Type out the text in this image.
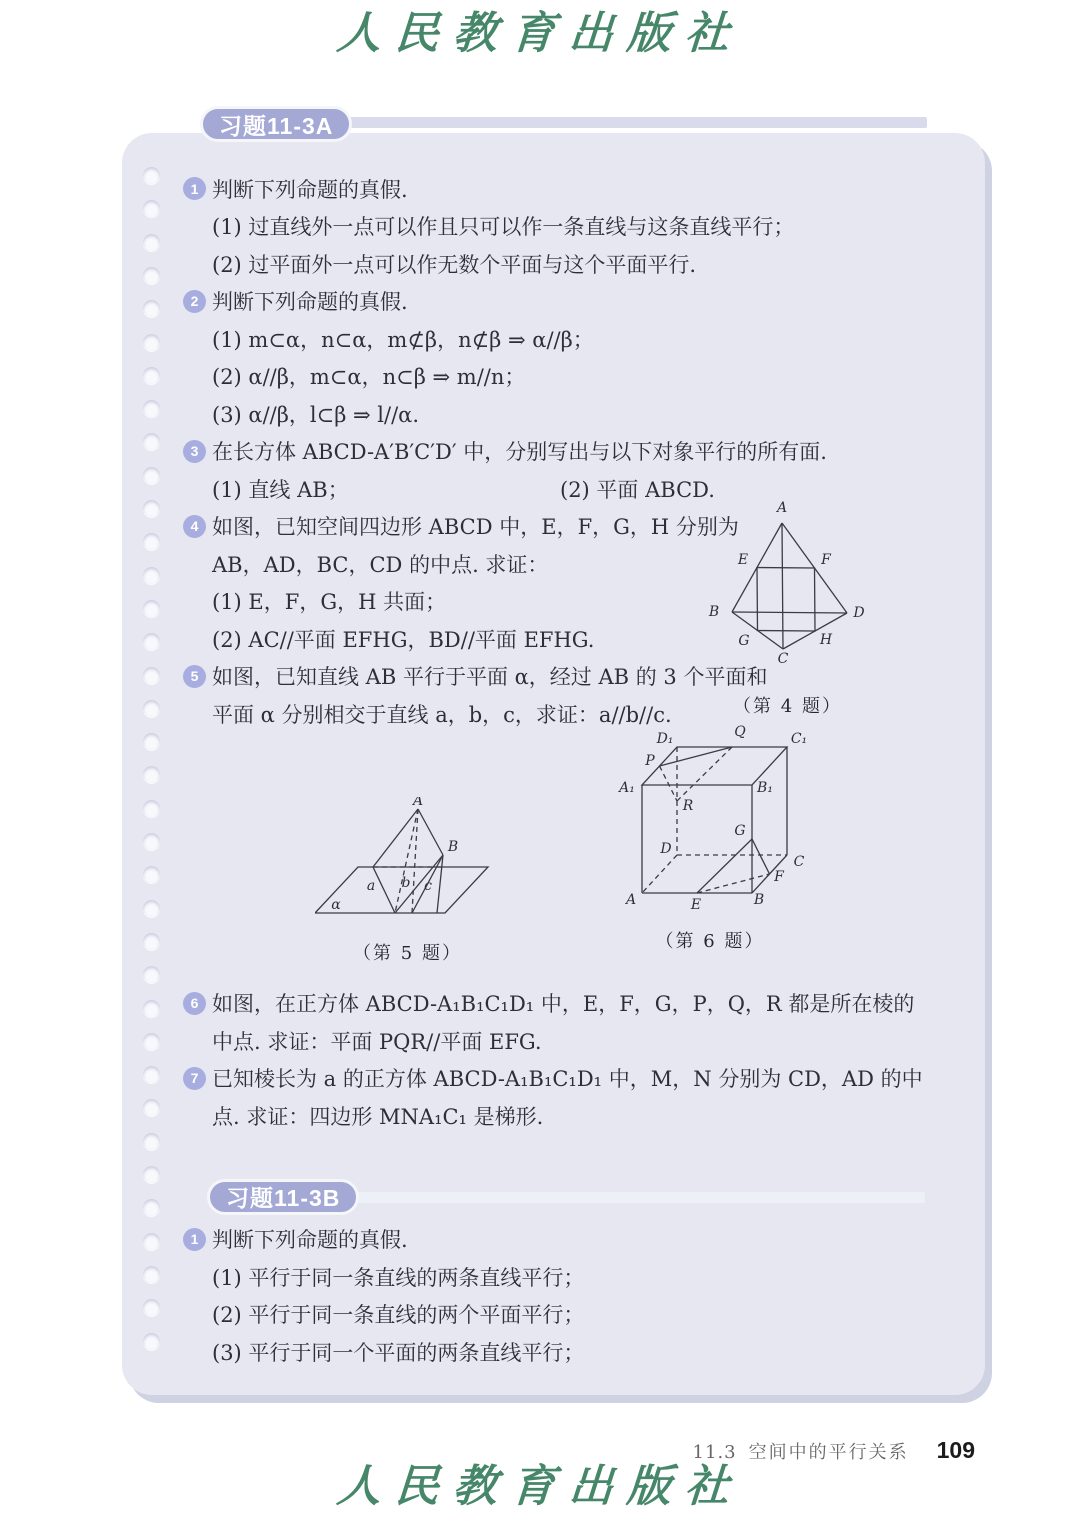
人民教育出版社
习题11-3A
1 判断下列命题的真假.
(1) 过直线外一点可以作且只可以作一条直线与这条直线平行；
(2) 过平面外一点可以作无数个平面与这个平面平行.
2 判断下列命题的真假.
(1) m⊂α，n⊂α，m⊄β，n⊄β ⇒ α//β；
(2) α//β，m⊂α，n⊂β ⇒ m//n；
(3) α//β，l⊂β ⇒ l//α.
3 在长方体 ABCD-A′B′C′D′ 中，分别写出与以下对象平行的所有面.
(1) 直线 AB；	(2) 平面 ABCD.
4 如图，已知空间四边形 ABCD 中，E，F，G，H 分别为
AB，AD，BC，CD 的中点. 求证：
(1) E，F，G，H 共面；
(2) AC//平面 EFHG，BD//平面 EFHG.
5 如图，已知直线 AB 平行于平面 α，经过 AB 的 3 个平面和
平面 α 分别相交于直线 a，b，c，求证：a//b//c.
A
B
a b c
α
（第 5 题）
D₁	Q	C₁
P
A₁	B₁
R
G
D
C
F
A	E	B
（第 6 题）
6 如图，在正方体 ABCD-A₁B₁C₁D₁ 中，E，F，G，P，Q，R 都是所在棱的
中点. 求证：平面 PQR//平面 EFG.
7 已知棱长为 a 的正方体 ABCD-A₁B₁C₁D₁ 中，M，N 分别为 CD，AD 的中
点. 求证：四边形 MNA₁C₁ 是梯形.
习题11-3B
1 判断下列命题的真假.
(1) 平行于同一条直线的两条直线平行；
(2) 平行于同一条直线的两个平面平行；
(3) 平行于同一个平面的两条直线平行；
A
B
C
D
E	F
G	H
（第 4 题）
11.3 空间中的平行关系 109
人民教育出版社
